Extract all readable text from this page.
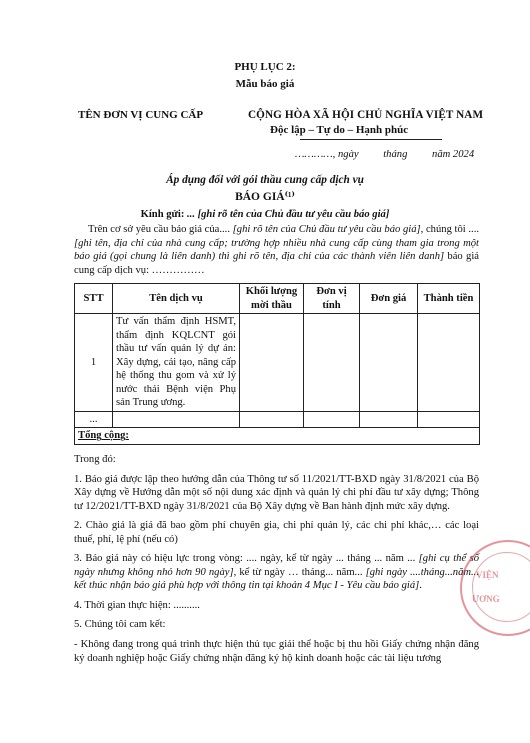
PHỤ LỤC 2:
Mẫu báo giá
TÊN ĐƠN VỊ CUNG CẤP	CỘNG HÒA XÃ HỘI CHỦ NGHĨA VIỆT NAM
Độc lập – Tự do – Hạnh phúc
…………, ngày tháng năm 2024
Áp dụng đối với gói thầu cung cấp dịch vụ
BÁO GIÁ⁽¹⁾
Kính gửi: ... [ghi rõ tên của Chủ đầu tư yêu cầu báo giá]
Trên cơ sở yêu cầu báo giá của.... [ghi rõ tên của Chủ đầu tư yêu cầu báo giá], chúng tôi .... [ghi tên, địa chỉ của nhà cung cấp; trường hợp nhiều nhà cung cấp cùng tham gia trong một báo giá (gọi chung là liên danh) thì ghi rõ tên, địa chỉ của các thành viên liên danh] báo giá cung cấp dịch vụ: ……………
STT	Tên dịch vụ	Khối lượng mời thầu	Đơn vị tính	Đơn giá	Thành tiền
1	Tư vấn thẩm định HSMT, thẩm định KQLCNT gói thầu tư vấn quản lý dự án: Xây dựng, cải tạo, nâng cấp hệ thống thu gom và xử lý nước thải Bệnh viện Phụ sản Trung ương.				
...					
Tổng cộng:					

Trong đó:

1. Báo giá được lập theo hướng dẫn của Thông tư số 11/2021/TT-BXD ngày 31/8/2021 của Bộ Xây dựng về Hướng dẫn một số nội dung xác định và quản lý chi phí đầu tư xây dựng; Thông tư 12/2021/TT-BXD ngày 31/8/2021 của Bộ Xây dựng về Ban hành định mức xây dựng.

2. Chào giá là giá đã bao gồm phí chuyên gia, chi phí quản lý, các chi phí khác,… các loại thuế, phí, lệ phí (nếu có)

3. Báo giá này có hiệu lực trong vòng: .... ngày, kể từ ngày ... tháng ... năm ... [ghi cụ thể số ngày nhưng không nhỏ hơn 90 ngày], kể từ ngày … tháng... năm... [ghi ngày ....tháng...năm... kết thúc nhận báo giá phù hợp với thông tin tại khoản 4 Mục I - Yêu cầu báo giá].

4. Thời gian thực hiện: ..........

5. Chúng tôi cam kết:

- Không đang trong quá trình thực hiện thủ tục giải thể hoặc bị thu hồi Giấy chứng nhận đăng ký doanh nghiệp hoặc Giấy chứng nhận đăng ký hộ kinh doanh hoặc các tài liệu tương

VIỆN
ƯƠNG
